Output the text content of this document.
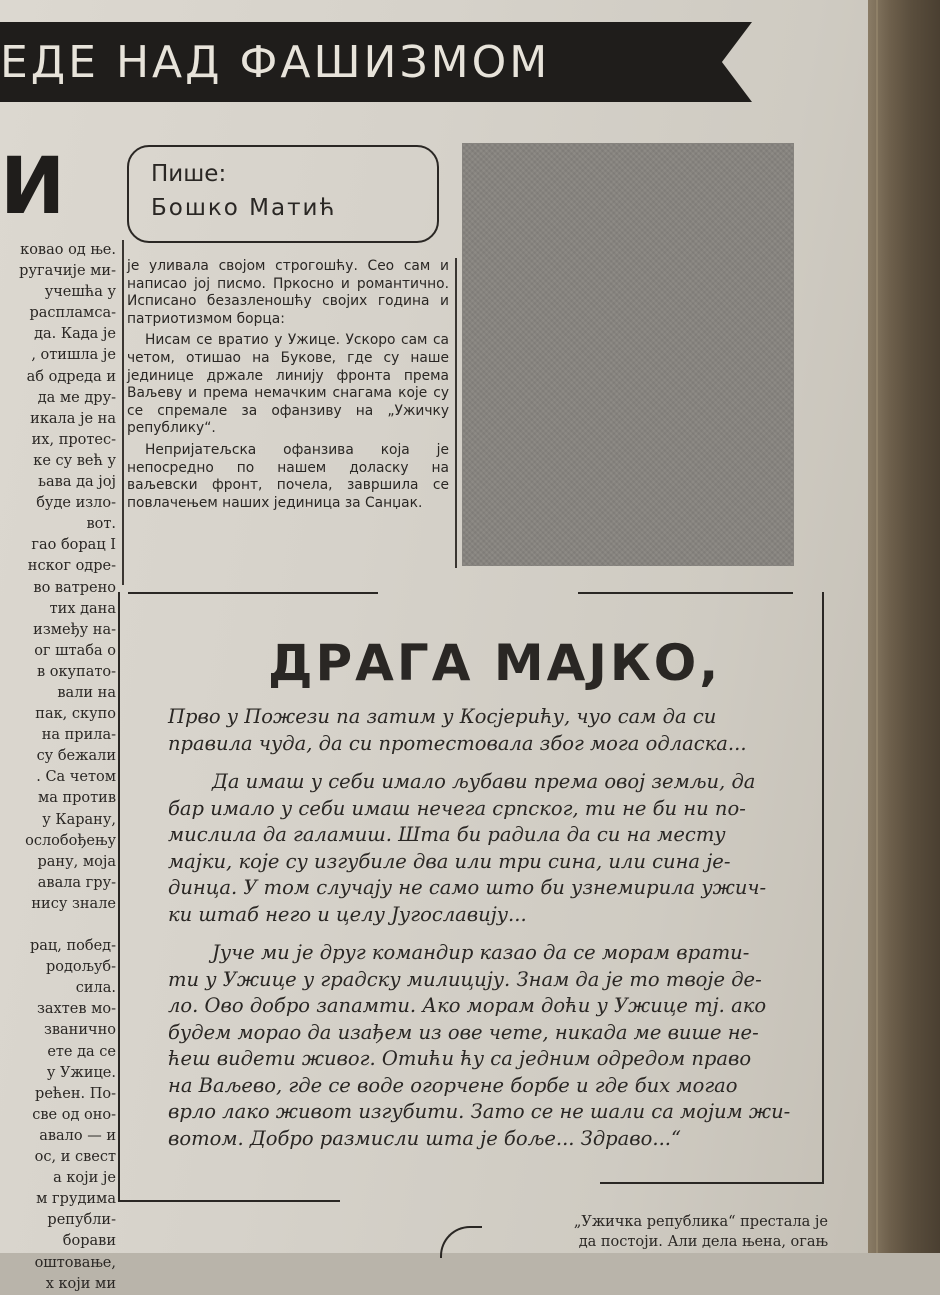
ЕДЕ НАД ФАШИЗМОМ
И
ковао од ње.
ругачије ми-
учешћа у
распламса-
да. Када је
, отишла је
аб одреда и
да ме дру-
икала је на
их, протес-
ке су већ у
ьава да јој
буде изло-
вот.
гао борац I
нског одре-
во ватрено
тих дана
између на-
ог штаба о
в окупато-
вали на
пак, скупо
на прила-
су бежали
. Са четом
ма против
у Карану,
ослобођењу
рану, моја
авала гру-
нису знале
рац, побед-
родољуб-
сила.
захтев мо-
званично
ете да се
у Ужице.
рећен. По-
све од оно-
авало — и
ос, и свест
а који је
м грудима
републи-
борави
оштовање,
х који ми
Пише:
Бошко Матић

је уливала својом строгошћу. Сео сам и написао јој писмо. Пркосно и романтично. Исписано безазленошћу својих година и патриотизмом борца:

Нисам се вратио у Ужице. Ускоро сам са четом, отишао на Букове, где су наше јединице држале линију фронта према Ваљеву и према немачким снагама које су се спремале за офанзиву на „Ужичку републику“.

Непријатељска офанзива која је непосредно по нашем доласку на ваљевски фронт, почела, завршила се повлачењем наших јединица за Санџак.

ДРАГА МАЈКО,
Прво у Пожези па затим у Косјерићу, чуо сам да си
правила чуда, да си протестовала због мога одласка...
Да имаш у себи имало љубави према овој земљи, да
бар имало у себи имаш нечега српског, ти не би ни по-
мислила да галамиш. Шта би радила да си на месту
мајки, које су изгубиле два или три сина, или сина је-
динца. У том случају не само што би узнемирила ужич-
ки штаб него и целу Југославију...
Јуче ми је друг командир казао да се морам врати-
ти у Ужице у градску милицију. Знам да је то твоје де-
ло. Ово добро запамти. Ако морам доћи у Ужице тј. ако
будем морао да изађем из ове чете, никада ме више не-
ћеш видети живог. Отићи ћу са једним одредом право
на Ваљево, где се воде огорчене борбе и где бих могао
врло лако живот изгубити. Зато се не шали са мојим жи-
вотом. Добро размисли шта је боље... Здраво...“
„Ужичка република“ престала је
да постоји. Али дела њена, огањ
